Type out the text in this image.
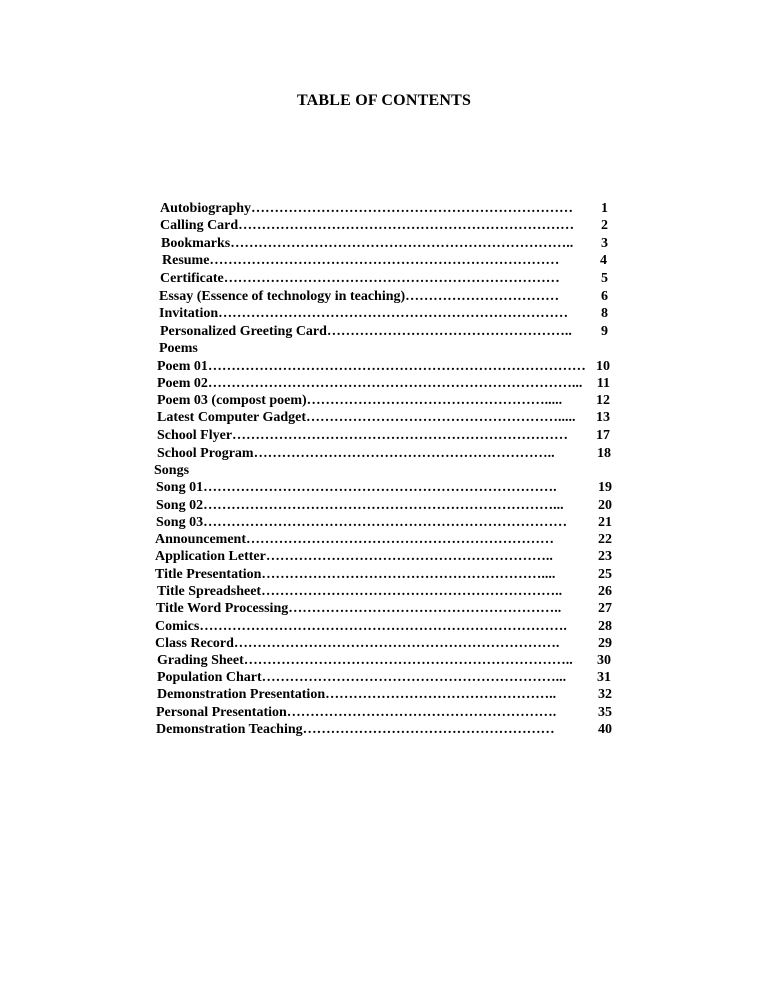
TABLE OF CONTENTS
Autobiography……………………………………………………………	1
Calling Card………………………………………………………………	2
Bookmarks………………………………………………………………..	3
Resume…………………………………………………………………	4
Certificate………………………………………………………………	5
Essay (Essence of technology in teaching)……………………………	6
Invitation…………………………………………………………………	8
Personalized Greeting Card……………………………………………..	9
Poems
Poem 01……………………………………………………………………… 10
Poem 02……………………………………………………………………...	11
Poem 03 (compost poem)…………………………………………….....	12
Latest Computer Gadget……………………………………………….....	13
School Flyer………………………………………………………………	17
School Program………………………………………………………..	18
Songs
Song 01………………………………………………………………….	19
Song 02…………………………………………………………………...	20
Song 03……………………………………………………………………	21
Announcement…………………………………………………………	22
Application Letter……………………………………………………..	23
Title Presentation……………………………………………………....	25
Title Spreadsheet………………………………………………………..	26
Title Word Processing…………………………………………………..	27
Comics…………………………………………………………………….	28
Class Record…………………………………………………………….	29
Grading Sheet……………………………………………………………..	30
Population Chart………………………………………………………...	31
Demonstration Presentation…………………………………………..	32
Personal Presentation………………………………………………….	35
Demonstration Teaching………………………………………………	40
